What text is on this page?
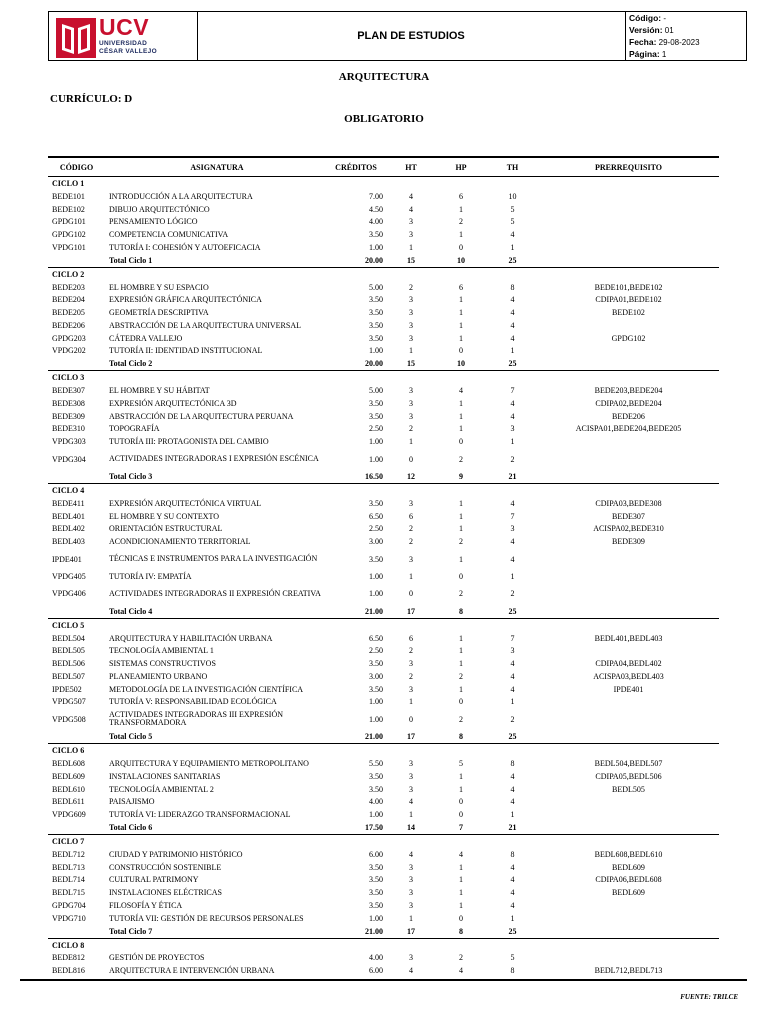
UCV
UNIVERSIDAD
CÉSAR VALLEJO
PLAN DE ESTUDIOS
Código: -
Versión: 01
Fecha: 29-08-2023
Página: 1
ARQUITECTURA
CURRÍCULO: D
OBLIGATORIO
CÓDIGO	ASIGNATURA	CRÉDITOS	HT	HP	TH	PRERREQUISITO
CICLO 1
BEDE101	INTRODUCCIÓN A LA ARQUITECTURA	7.00	4	6	10
BEDE102	DIBUJO ARQUITECTÓNICO	4.50	4	1	5
GPDG101	PENSAMIENTO LÓGICO	4.00	3	2	5
GPDG102	COMPETENCIA COMUNICATIVA	3.50	3	1	4
VPDG101	TUTORÍA I: COHESIÓN Y AUTOEFICACIA	1.00	1	0	1
Total Ciclo 1	20.00	15	10	25
CICLO 2
BEDE203	EL HOMBRE Y SU ESPACIO	5.00	2	6	8	BEDE101,BEDE102
BEDE204	EXPRESIÓN GRÁFICA ARQUITECTÓNICA	3.50	3	1	4	CDIPA01,BEDE102
BEDE205	GEOMETRÍA DESCRIPTIVA	3.50	3	1	4	BEDE102
BEDE206	ABSTRACCIÓN DE LA ARQUITECTURA UNIVERSAL	3.50	3	1	4
GPDG203	CÁTEDRA VALLEJO	3.50	3	1	4	GPDG102
VPDG202	TUTORÍA II: IDENTIDAD INSTITUCIONAL	1.00	1	0	1
Total Ciclo 2	20.00	15	10	25
CICLO 3
BEDE307	EL HOMBRE Y SU HÁBITAT	5.00	3	4	7	BEDE203,BEDE204
BEDE308	EXPRESIÓN ARQUITECTÓNICA 3D	3.50	3	1	4	CDIPA02,BEDE204
BEDE309	ABSTRACCIÓN DE LA ARQUITECTURA PERUANA	3.50	3	1	4	BEDE206
BEDE310	TOPOGRAFÍA	2.50	2	1	3	ACISPA01,BEDE204,BEDE205
VPDG303	TUTORÍA III: PROTAGONISTA DEL CAMBIO	1.00	1	0	1
VPDG304	ACTIVIDADES INTEGRADORAS I EXPRESIÓN ESCÉNICA	1.00	0	2	2
Total Ciclo 3	16.50	12	9	21
CICLO 4
BEDE411	EXPRESIÓN ARQUITECTÓNICA VIRTUAL	3.50	3	1	4	CDIPA03,BEDE308
BEDL401	EL HOMBRE Y SU CONTEXTO	6.50	6	1	7	BEDE307
BEDL402	ORIENTACIÓN ESTRUCTURAL	2.50	2	1	3	ACISPA02,BEDE310
BEDL403	ACONDICIONAMIENTO TERRITORIAL	3.00	2	2	4	BEDE309
IPDE401	TÉCNICAS E INSTRUMENTOS PARA LA INVESTIGACIÓN	3.50	3	1	4
VPDG405	TUTORÍA IV: EMPATÍA	1.00	1	0	1
VPDG406	ACTIVIDADES INTEGRADORAS II EXPRESIÓN CREATIVA	1.00	0	2	2
Total Ciclo 4	21.00	17	8	25
CICLO 5
BEDL504	ARQUITECTURA Y HABILITACIÓN URBANA	6.50	6	1	7	BEDL401,BEDL403
BEDL505	TECNOLOGÍA AMBIENTAL 1	2.50	2	1	3
BEDL506	SISTEMAS CONSTRUCTIVOS	3.50	3	1	4	CDIPA04,BEDL402
BEDL507	PLANEAMIENTO URBANO	3.00	2	2	4	ACISPA03,BEDL403
IPDE502	METODOLOGÍA DE LA INVESTIGACIÓN CIENTÍFICA	3.50	3	1	4	IPDE401
VPDG507	TUTORÍA V: RESPONSABILIDAD ECOLÓGICA	1.00	1	0	1
VPDG508	ACTIVIDADES INTEGRADORAS III EXPRESIÓN TRANSFORMADORA	1.00	0	2	2
Total Ciclo 5	21.00	17	8	25
CICLO 6
BEDL608	ARQUITECTURA Y EQUIPAMIENTO METROPOLITANO	5.50	3	5	8	BEDL504,BEDL507
BEDL609	INSTALACIONES SANITARIAS	3.50	3	1	4	CDIPA05,BEDL506
BEDL610	TECNOLOGÍA AMBIENTAL 2	3.50	3	1	4	BEDL505
BEDL611	PAISAJISMO	4.00	4	0	4
VPDG609	TUTORÍA VI: LIDERAZGO TRANSFORMACIONAL	1.00	1	0	1
Total Ciclo 6	17.50	14	7	21
CICLO 7
BEDL712	CIUDAD Y PATRIMONIO HISTÓRICO	6.00	4	4	8	BEDL608,BEDL610
BEDL713	CONSTRUCCIÓN SOSTENIBLE	3.50	3	1	4	BEDL609
BEDL714	CULTURAL PATRIMONY	3.50	3	1	4	CDIPA06,BEDL608
BEDL715	INSTALACIONES ELÉCTRICAS	3.50	3	1	4	BEDL609
GPDG704	FILOSOFÍA Y ÉTICA	3.50	3	1	4
VPDG710	TUTORÍA VII: GESTIÓN DE RECURSOS PERSONALES	1.00	1	0	1
Total Ciclo 7	21.00	17	8	25
CICLO 8
BEDE812	GESTIÓN DE PROYECTOS	4.00	3	2	5
BEDL816	ARQUITECTURA E INTERVENCIÓN URBANA	6.00	4	4	8	BEDL712,BEDL713
FUENTE: TRILCE
